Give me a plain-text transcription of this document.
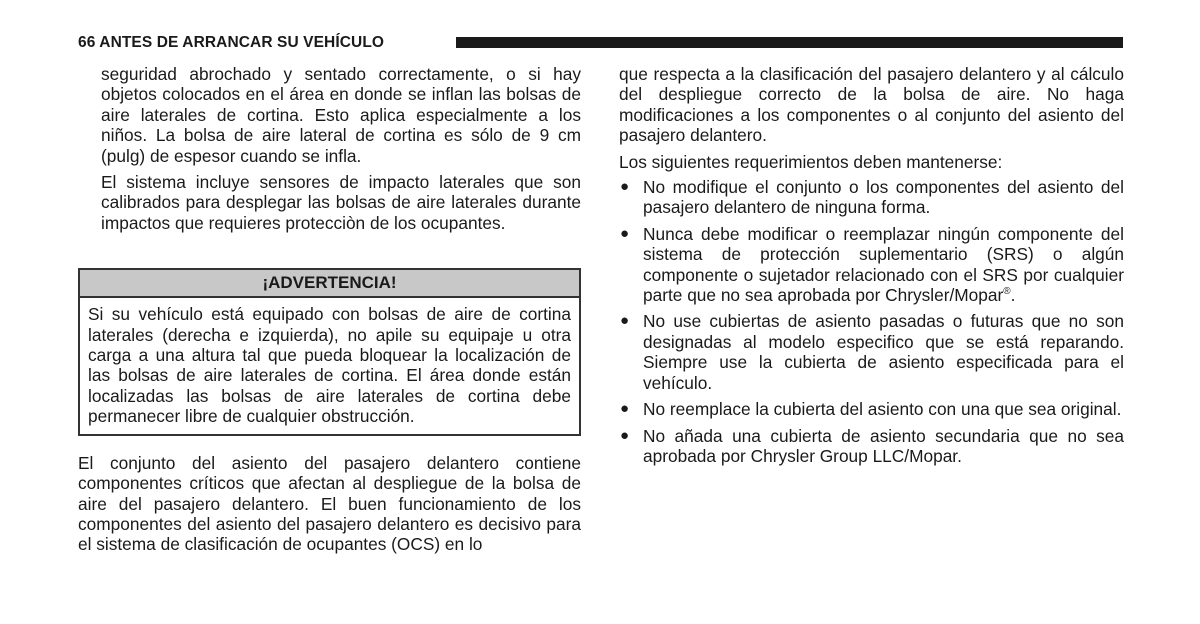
66 ANTES DE ARRANCAR SU VEHÍCULO

seguridad abrochado y sentado correctamente, o si hay objetos colocados en el área en donde se inflan las bolsas de aire laterales de cortina. Esto aplica especialmente a los niños. La bolsa de aire lateral de cortina es sólo de 9 cm (pulg) de espesor cuando se infla.

El sistema incluye sensores de impacto laterales que son calibrados para desplegar las bolsas de aire laterales durante impactos que requieres protecciòn de los ocupantes.

¡ADVERTENCIA!

Si su vehículo está equipado con bolsas de aire de cortina laterales (derecha e izquierda), no apile su equipaje u otra carga a una altura tal que pueda bloquear la localización de las bolsas de aire laterales de cortina. El área donde están localizadas las bolsas de aire laterales de cortina debe permanecer libre de cualquier obstrucción.

El conjunto del asiento del pasajero delantero contiene componentes críticos que afectan al despliegue de la bolsa de aire del pasajero delantero. El buen funcionamiento de los componentes del asiento del pasajero delantero es decisivo para el sistema de clasificación de ocupantes (OCS) en lo

que respecta a la clasificación del pasajero delantero y al cálculo del despliegue correcto de la bolsa de aire. No haga modificaciones a los componentes o al conjunto del asiento del pasajero delantero.

Los siguientes requerimientos deben mantenerse:

● No modifique el conjunto o los componentes del asiento del pasajero delantero de ninguna forma.
● Nunca debe modificar o reemplazar ningún componente del sistema de protección suplementario (SRS) o algún componente o sujetador relacionado con el SRS por cualquier parte que no sea aprobada por Chrysler/Mopar®.
● No use cubiertas de asiento pasadas o futuras que no son designadas al modelo especifico que se está reparando. Siempre use la cubierta de asiento especificada para el vehículo.
● No reemplace la cubierta del asiento con una que sea original.
● No añada una cubierta de asiento secundaria que no sea aprobada por Chrysler Group LLC/Mopar.
